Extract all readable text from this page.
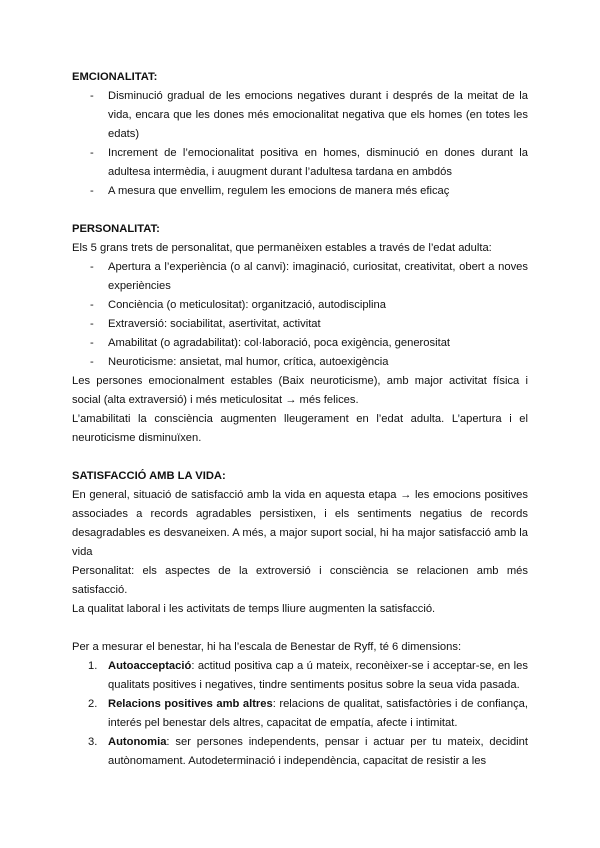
EMCIONALITAT:

- Disminució gradual de les emocions negatives durant i després de la meitat de la vida, encara que les dones més emocionalitat negativa que els homes (en totes les edats)
- Increment de l’emocionalitat positiva en homes, disminució en dones durant la adultesa intermèdia, i auugment durant l’adultesa tardana en ambdós
- A mesura que envellim, regulem les emocions de manera més eficaç

PERSONALITAT:

Els 5 grans trets de personalitat, que permanèixen estables a través de l’edat adulta:

- Apertura a l’experiència (o al canvi): imaginació, curiositat, creativitat, obert a noves experiències
- Conciència (o meticulositat): organització, autodisciplina
- Extraversió: sociabilitat, asertivitat, activitat
- Amabilitat (o agradabilitat): col·laboració, poca exigència, generositat
- Neuroticisme: ansietat, mal humor, crítica, autoexigència

Les persones emocionalment estables (Baix neuroticisme), amb major activitat física i social (alta extraversió) i més meticulositat → més felices.

L’amabilitati la consciència augmenten lleugerament en l’edat adulta. L’apertura i el neuroticisme disminuïxen.

SATISFACCIÓ AMB LA VIDA:

En general, situació de satisfacció amb la vida en aquesta etapa → les emocions positives associades a records agradables persistixen, i els sentiments negatius de records desagradables es desvaneixen. A més, a major suport social, hi ha major satisfacció amb la vida

Personalitat: els aspectes de la extroversió i consciència se relacionen amb més satisfacció.

La qualitat laboral i les activitats de temps lliure augmenten la satisfacció.

Per a mesurar el benestar, hi ha l’escala de Benestar de Ryff, té 6 dimensions:

1. Autoacceptació: actitud positiva cap a ú mateix, reconèixer-se i acceptar-se, en les qualitats positives i negatives, tindre sentiments positus sobre la seua vida pasada.
2. Relacions positives amb altres: relacions de qualitat, satisfactòries i de confiança, interés pel benestar dels altres, capacitat de empatía, afecte i intimitat.
3. Autonomia: ser persones independents, pensar i actuar per tu mateix, decidint autònomament. Autodeterminació i independència, capacitat de resistir a les
